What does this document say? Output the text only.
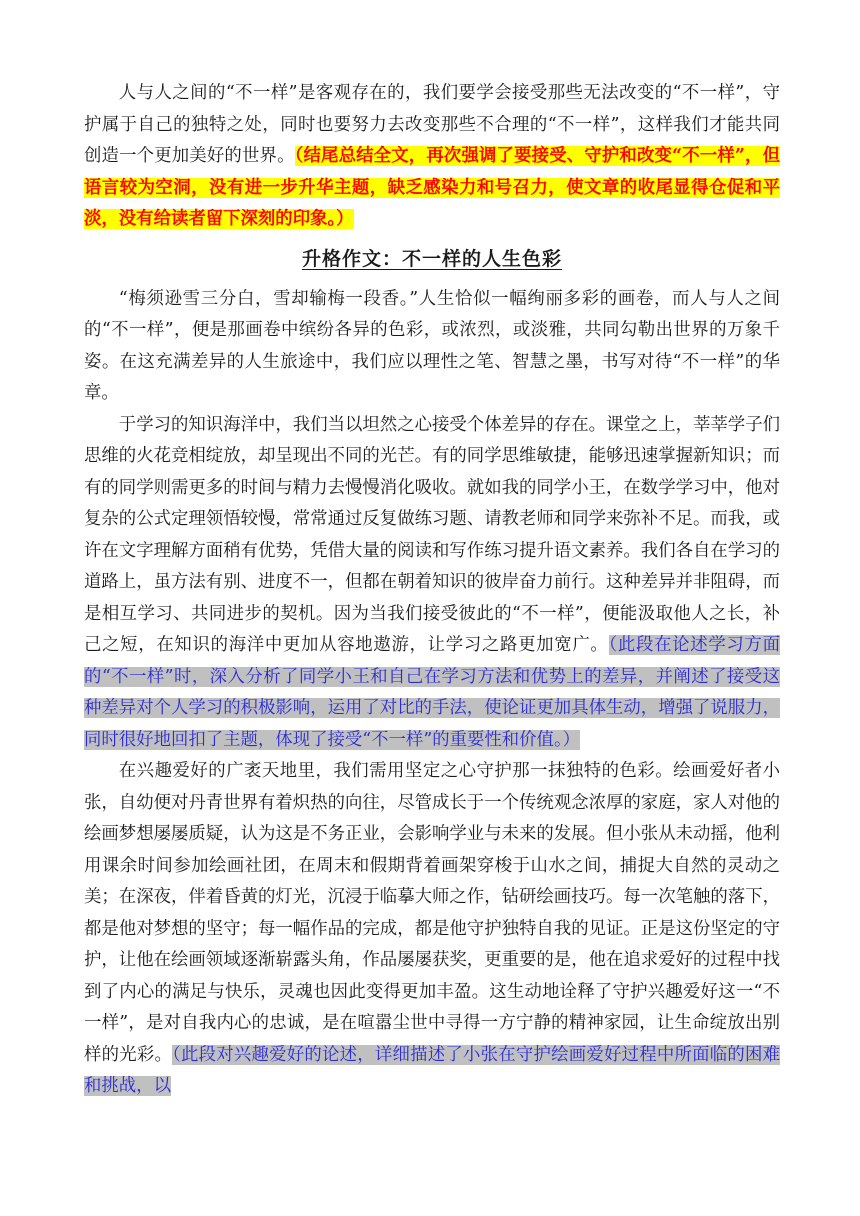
人与人之间的“不一样”是客观存在的，我们要学会接受那些无法改变的“不一样”，守护属于自己的独特之处，同时也要努力去改变那些不合理的“不一样”，这样我们才能共同创造一个更加美好的世界。（结尾总结全文，再次强调了要接受、守护和改变“不一样”，但语言较为空洞，没有进一步升华主题，缺乏感染力和号召力，使文章的收尾显得仓促和平淡，没有给读者留下深刻的印象。）

升格作文：不一样的人生色彩

“梅须逊雪三分白，雪却输梅一段香。”人生恰似一幅绚丽多彩的画卷，而人与人之间的“不一样”，便是那画卷中缤纷各异的色彩，或浓烈，或淡雅，共同勾勒出世界的万象千姿。在这充满差异的人生旅途中，我们应以理性之笔、智慧之墨，书写对待“不一样”的华章。

于学习的知识海洋中，我们当以坦然之心接受个体差异的存在。课堂之上，莘莘学子们思维的火花竞相绽放，却呈现出不同的光芒。有的同学思维敏捷，能够迅速掌握新知识；而有的同学则需更多的时间与精力去慢慢消化吸收。就如我的同学小王，在数学学习中，他对复杂的公式定理领悟较慢，常常通过反复做练习题、请教老师和同学来弥补不足。而我，或许在文字理解方面稍有优势，凭借大量的阅读和写作练习提升语文素养。我们各自在学习的道路上，虽方法有别、进度不一，但都在朝着知识的彼岸奋力前行。这种差异并非阻碍，而是相互学习、共同进步的契机。因为当我们接受彼此的“不一样”，便能汲取他人之长，补己之短，在知识的海洋中更加从容地遨游，让学习之路更加宽广。（此段在论述学习方面的“不一样”时，深入分析了同学小王和自己在学习方法和优势上的差异，并阐述了接受这种差异对个人学习的积极影响，运用了对比的手法，使论证更加具体生动，增强了说服力，同时很好地回扣了主题，体现了接受“不一样”的重要性和价值。）

在兴趣爱好的广袤天地里，我们需用坚定之心守护那一抹独特的色彩。绘画爱好者小张，自幼便对丹青世界有着炽热的向往，尽管成长于一个传统观念浓厚的家庭，家人对他的绘画梦想屡屡质疑，认为这是不务正业，会影响学业与未来的发展。但小张从未动摇，他利用课余时间参加绘画社团，在周末和假期背着画架穿梭于山水之间，捕捉大自然的灵动之美；在深夜，伴着昏黄的灯光，沉浸于临摹大师之作，钻研绘画技巧。每一次笔触的落下，都是他对梦想的坚守；每一幅作品的完成，都是他守护独特自我的见证。正是这份坚定的守护，让他在绘画领域逐渐崭露头角，作品屡屡获奖，更重要的是，他在追求爱好的过程中找到了内心的满足与快乐，灵魂也因此变得更加丰盈。这生动地诠释了守护兴趣爱好这一“不一样”，是对自我内心的忠诚，是在喧嚣尘世中寻得一方宁静的精神家园，让生命绽放出别样的光彩。（此段对兴趣爱好的论述，详细描述了小张在守护绘画爱好过程中所面临的困难和挑战，以
